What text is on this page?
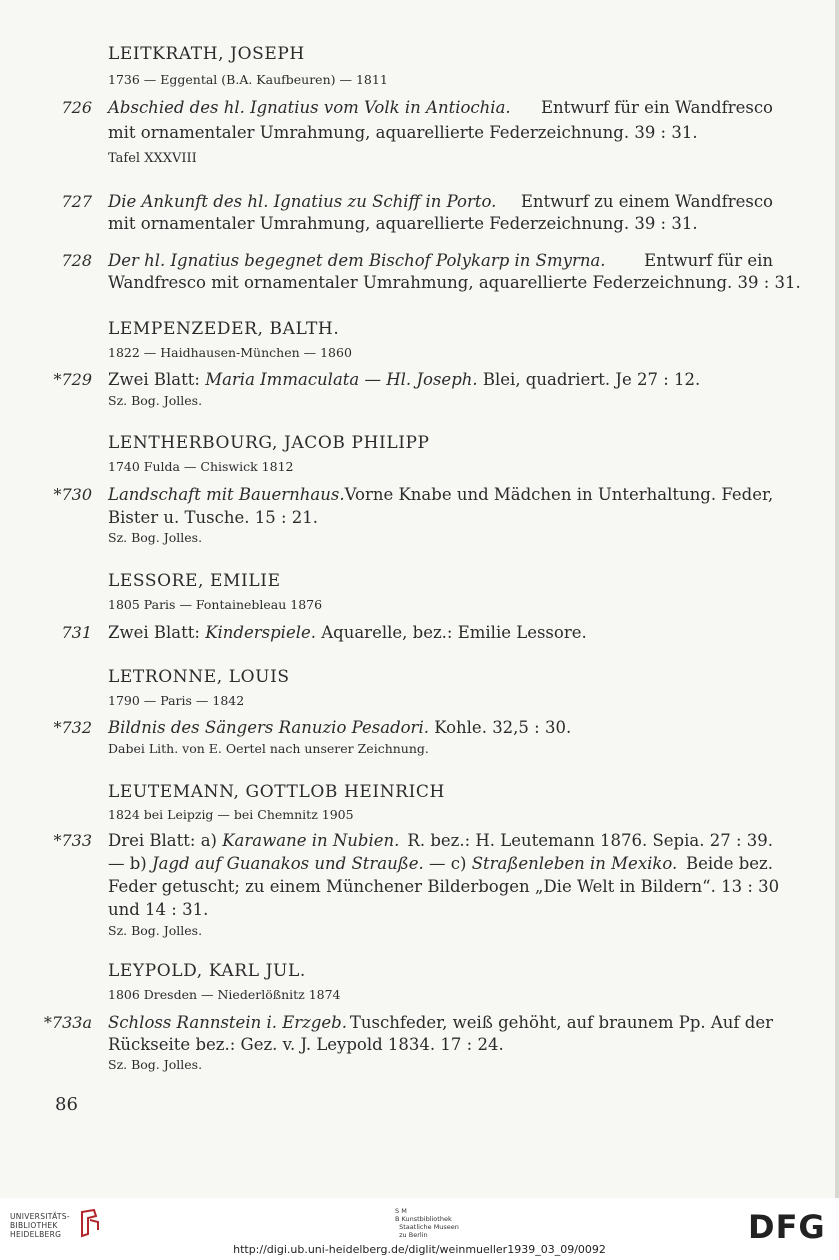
LEITKRATH, JOSEPH
1736 — Eggental (B.A. Kaufbeuren) — 1811
726 Abschied des hl. Ignatius vom Volk in Antiochia. Entwurf für ein Wandfresco
mit ornamentaler Umrahmung, aquarellierte Federzeichnung. 39 : 31.
Tafel XXXVIII
727 Die Ankunft des hl. Ignatius zu Schiff in Porto. Entwurf zu einem Wandfresco
mit ornamentaler Umrahmung, aquarellierte Federzeichnung. 39 : 31.
728 Der hl. Ignatius begegnet dem Bischof Polykarp in Smyrna. Entwurf für ein
Wandfresco mit ornamentaler Umrahmung, aquarellierte Federzeichnung. 39 : 31.
LEMPENZEDER, BALTH.
1822 — Haidhausen-München — 1860
*729 Zwei Blatt: Maria Immaculata — Hl. Joseph. Blei, quadriert. Je 27 : 12.
Sz. Bog. Jolles.
LENTHERBOURG, JACOB PHILIPP
1740 Fulda — Chiswick 1812
*730 Landschaft mit Bauernhaus. Vorne Knabe und Mädchen in Unterhaltung. Feder,
Bister u. Tusche. 15 : 21.
Sz. Bog. Jolles.
LESSORE, EMILIE
1805 Paris — Fontainebleau 1876
731 Zwei Blatt: Kinderspiele. Aquarelle, bez.: Emilie Lessore.
LETRONNE, LOUIS
1790 — Paris — 1842
*732 Bildnis des Sängers Ranuzio Pesadori. Kohle. 32,5 : 30.
Dabei Lith. von E. Oertel nach unserer Zeichnung.
LEUTEMANN, GOTTLOB HEINRICH
1824 bei Leipzig — bei Chemnitz 1905
*733 Drei Blatt: a) Karawane in Nubien. R. bez.: H. Leutemann 1876. Sepia. 27 : 39.
— b) Jagd auf Guanakos und Strauße. — c) Straßenleben in Mexiko. Beide bez.
Feder getuscht; zu einem Münchener Bilderbogen „Die Welt in Bildern“. 13 : 30
und 14 : 31.
Sz. Bog. Jolles.
LEYPOLD, KARL JUL.
1806 Dresden — Niederlößnitz 1874
*733a Schloss Rannstein i. Erzgeb. Tuschfeder, weiß gehöht, auf braunem Pp. Auf der
Rückseite bez.: Gez. v. J. Leypold 1834. 17 : 24.
Sz. Bog. Jolles.
86
UNIVERSITÄTS-
BIBLIOTHEK
HEIDELBERG
S M
B Kunstbibliothek
Staatliche Museen
zu Berlin	DFG
http://digi.ub.uni-heidelberg.de/diglit/weinmueller1939_03_09/0092
